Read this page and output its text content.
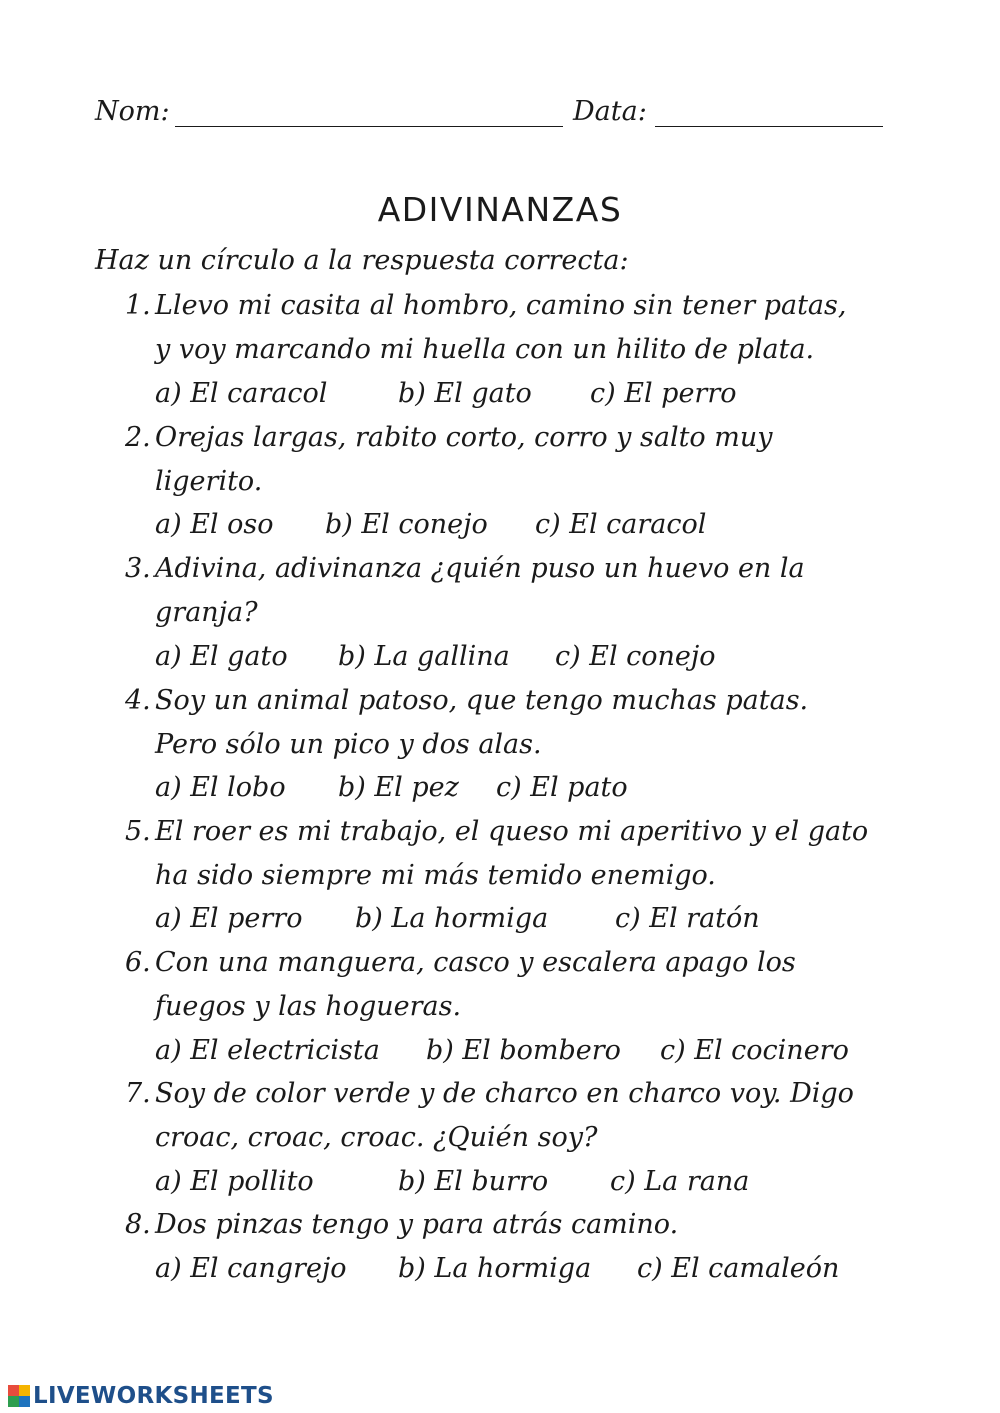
Nom:	Data:
ADIVINANZAS
Haz un círculo a la respuesta correcta:
1. Llevo mi casita al hombro, camino sin tener patas,
y voy marcando mi huella con un hilito de plata.
a) El caracol	b) El gato c) El perro
2. Orejas largas, rabito corto, corro y salto muy
ligerito.
a) El oso b) El conejo c) El caracol
3. Adivina, adivinanza ¿quién puso un huevo en la
granja?
a) El gato b) La gallina c) El conejo
4. Soy un animal patoso, que tengo muchas patas.
Pero sólo un pico y dos alas.
a) El lobo b) El pez c) El pato
5. El roer es mi trabajo, el queso mi aperitivo y el gato
ha sido siempre mi más temido enemigo.
a) El perro b) La hormiga c) El ratón
6. Con una manguera, casco y escalera apago los
fuegos y las hogueras.
a) El electricista b) El bombero c) El cocinero
7. Soy de color verde y de charco en charco voy. Digo
croac, croac, croac. ¿Quién soy?
a) El pollito	b) El burro c) La rana
8. Dos pinzas tengo y para atrás camino.
a) El cangrejo b) La hormiga c) El camaleón
LIVEWORKSHEETS
